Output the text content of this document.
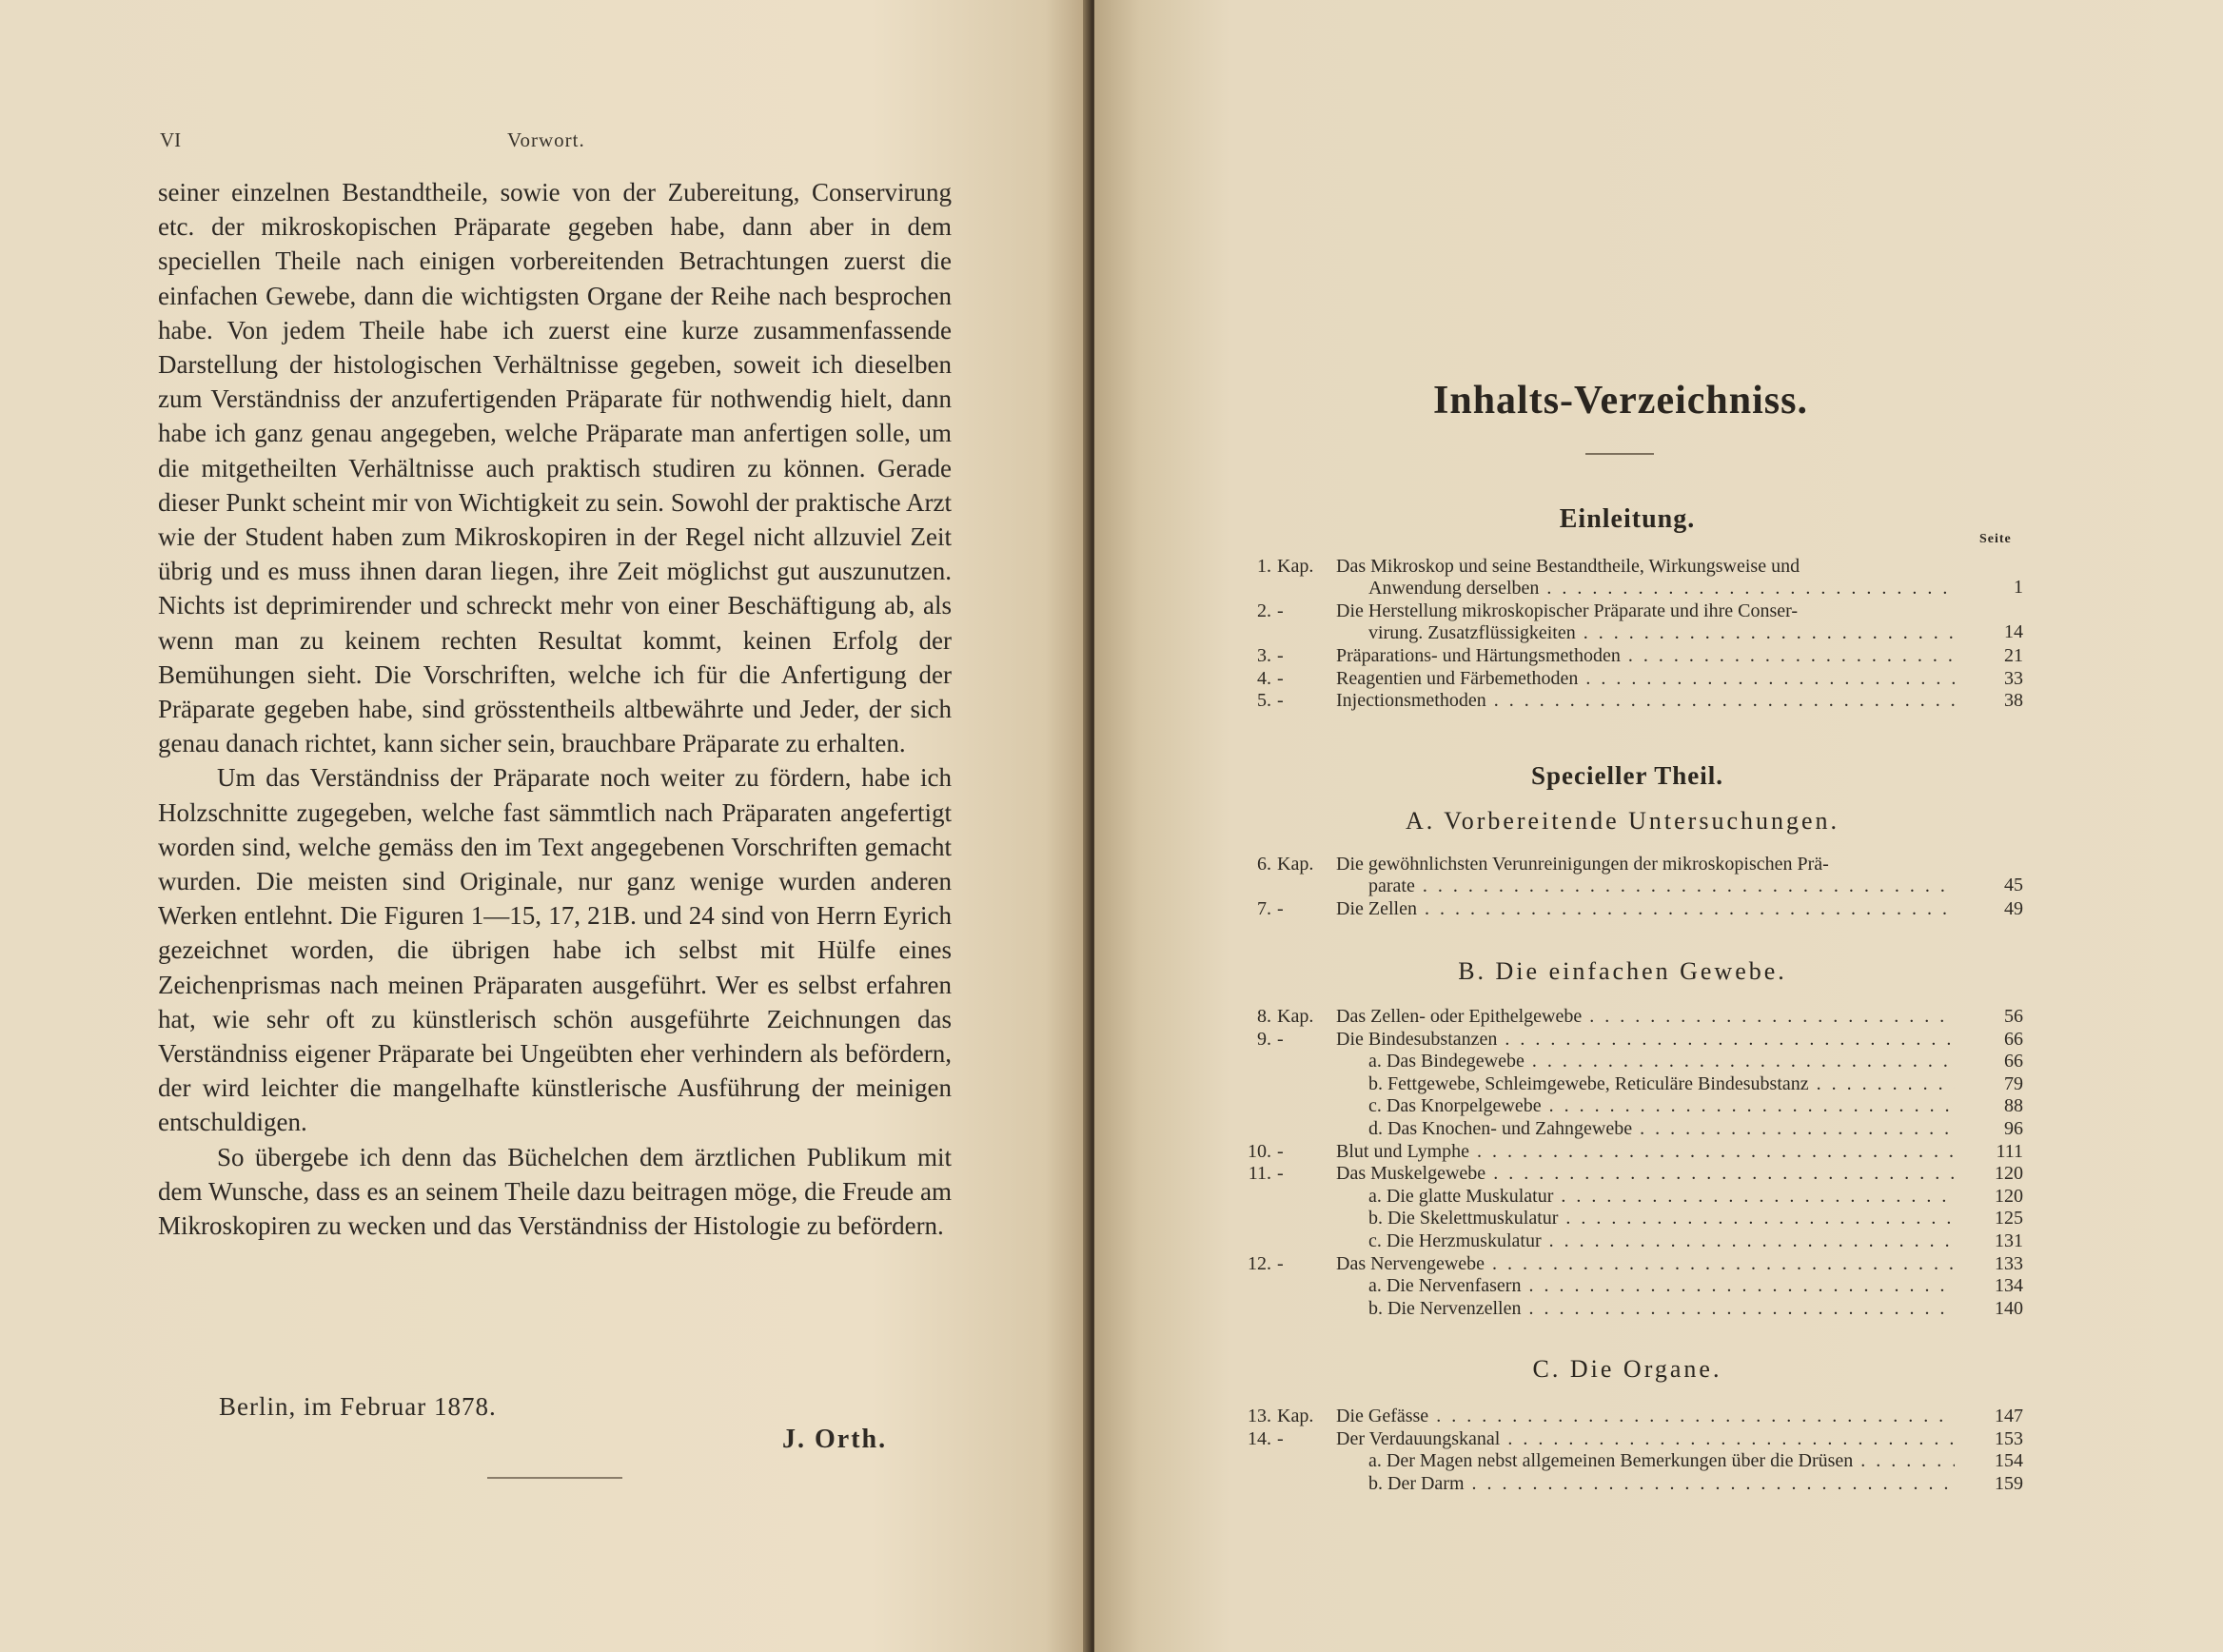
VI	Vorwort.

seiner einzelnen Bestandtheile, sowie von der Zubereitung, Conservirung etc. der mikroskopischen Präparate gegeben habe, dann aber in dem speciellen Theile nach einigen vorbereitenden Betrachtungen zuerst die einfachen Gewebe, dann die wichtigsten Organe der Reihe nach besprochen habe. Von jedem Theile habe ich zuerst eine kurze zusammenfassende Darstellung der histologischen Verhältnisse gegeben, soweit ich dieselben zum Verständniss der anzufertigenden Präparate für nothwendig hielt, dann habe ich ganz genau angegeben, welche Präparate man anfertigen solle, um die mitgetheilten Verhältnisse auch praktisch studiren zu können. Gerade dieser Punkt scheint mir von Wichtigkeit zu sein. Sowohl der praktische Arzt wie der Student haben zum Mikroskopiren in der Regel nicht allzuviel Zeit übrig und es muss ihnen daran liegen, ihre Zeit möglichst gut auszunutzen. Nichts ist deprimirender und schreckt mehr von einer Beschäftigung ab, als wenn man zu keinem rechten Resultat kommt, keinen Erfolg der Bemühungen sieht. Die Vorschriften, welche ich für die Anfertigung der Präparate gegeben habe, sind grösstentheils altbewährte und Jeder, der sich genau danach richtet, kann sicher sein, brauchbare Präparate zu erhalten.

Um das Verständniss der Präparate noch weiter zu fördern, habe ich Holzschnitte zugegeben, welche fast sämmtlich nach Präparaten angefertigt worden sind, welche gemäss den im Text angegebenen Vorschriften gemacht wurden. Die meisten sind Originale, nur ganz wenige wurden anderen Werken entlehnt. Die Figuren 1—15, 17, 21B. und 24 sind von Herrn Eyrich gezeichnet worden, die übrigen habe ich selbst mit Hülfe eines Zeichenprismas nach meinen Präparaten ausgeführt. Wer es selbst erfahren hat, wie sehr oft zu künstlerisch schön ausgeführte Zeichnungen das Verständniss eigener Präparate bei Ungeübten eher verhindern als befördern, der wird leichter die mangelhafte künstlerische Ausführung der meinigen entschuldigen.

So übergebe ich denn das Büchelchen dem ärztlichen Publikum mit dem Wunsche, dass es an seinem Theile dazu beitragen möge, die Freude am Mikroskopiren zu wecken und das Verständniss der Histologie zu befördern.

Berlin, im Februar 1878.
J. Orth.
Inhalts-Verzeichniss.
Einleitung.
Seite
1. Kap. Das Mikroskop und seine Bestandtheile, Wirkungsweise und
Anwendung derselben . . .	1
2. -	Die Herstellung mikroskopischer Präparate und ihre Conser-
virung. Zusatzflüssigkeiten . . .	14
3. -	Präparations- und Härtungsmethoden . . .	21
4. -	Reagentien und Färbemethoden . . .	33
5. -	Injectionsmethoden . . .	38
Specieller Theil.
A. Vorbereitende Untersuchungen.
6. Kap. Die gewöhnlichsten Verunreinigungen der mikroskopischen Prä-
parate . . .	45
7. -	Die Zellen . . .	49
B. Die einfachen Gewebe.
8. Kap. Das Zellen- oder Epithelgewebe . . .	56
9. -	Die Bindesubstanzen . . .	66
a. Das Bindegewebe . . .	66
b. Fettgewebe, Schleimgewebe, Reticuläre Bindesubstanz . . .	79
c. Das Knorpelgewebe . . .	88
d. Das Knochen- und Zahngewebe . . .	96
10. -	Blut und Lymphe . . .	111
11. -	Das Muskelgewebe . . .	120
a. Die glatte Muskulatur . . .	120
b. Die Skelettmuskulatur . . .	125
c. Die Herzmuskulatur . . .	131
12. -	Das Nervengewebe . . .	133
a. Die Nervenfasern . . .	134
b. Die Nervenzellen . . .	140
C. Die Organe.
13. Kap. Die Gefässe . . .	147
14. -	Der Verdauungskanal . . .	153
a. Der Magen nebst allgemeinen Bemerkungen über die Drüsen . . .	154
b. Der Darm . . .	159
